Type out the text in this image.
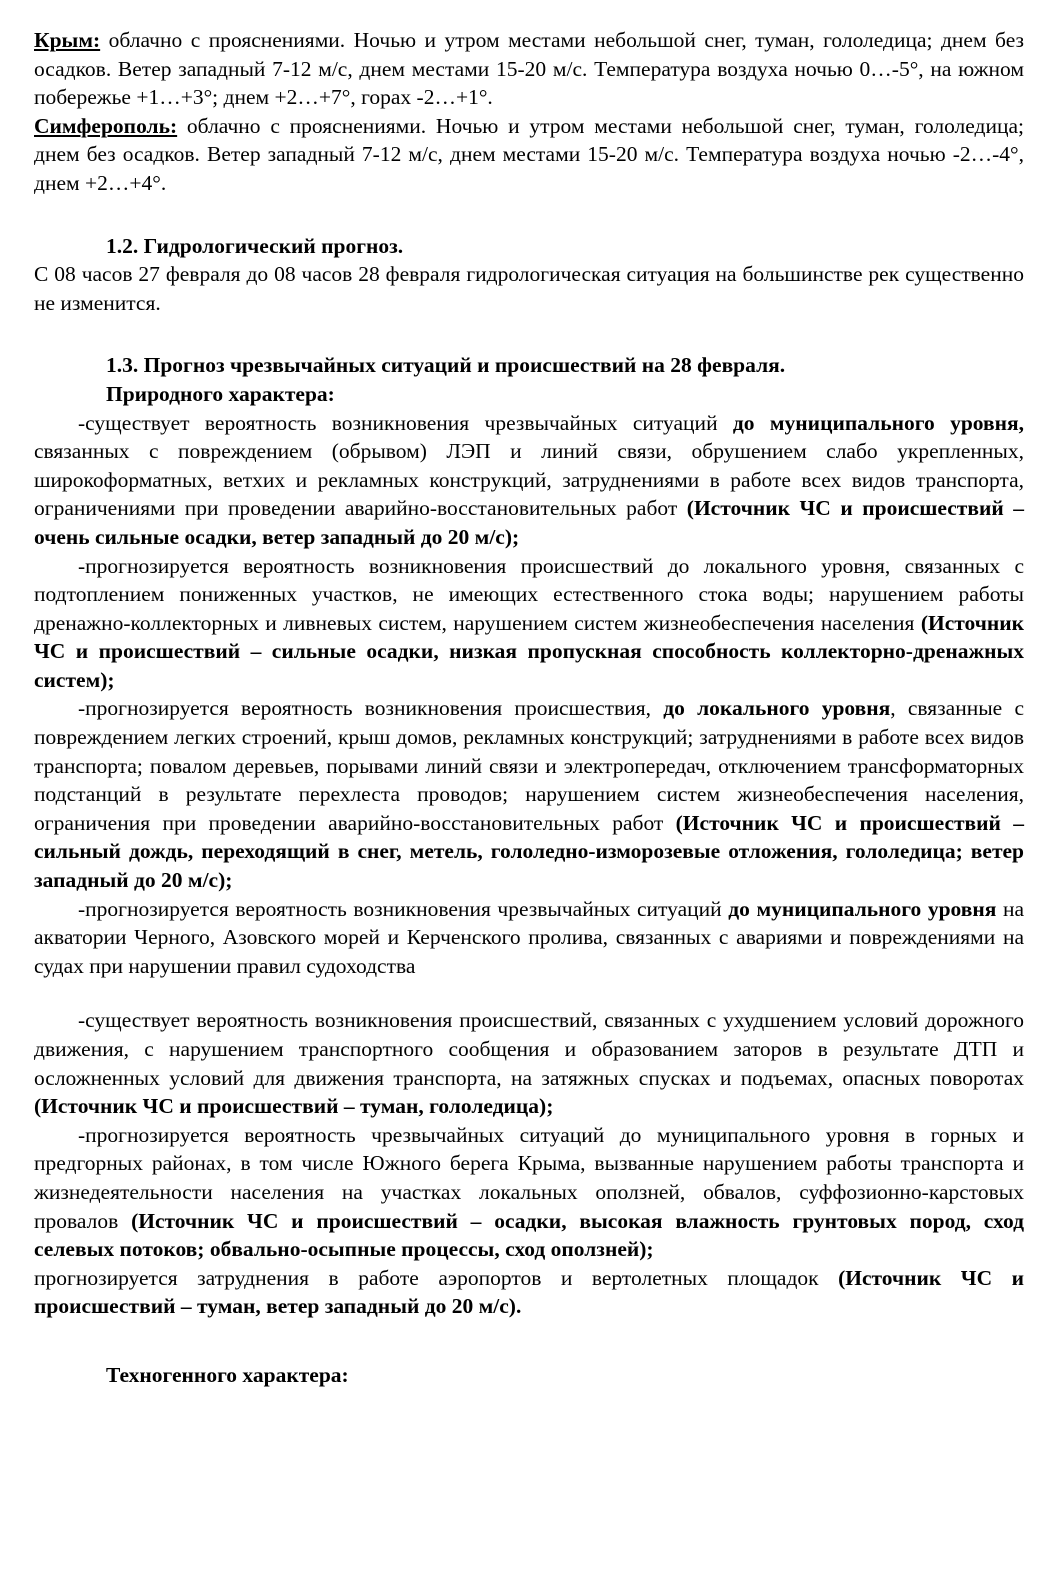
Крым: облачно с прояснениями. Ночью и утром местами небольшой снег, туман, гололедица; днем без осадков. Ветер западный 7-12 м/с, днем местами 15-20 м/с. Температура воздуха ночью 0…-5°, на южном побережье +1…+3°; днем +2…+7°, горах -2…+1°.

Симферополь: облачно с прояснениями. Ночью и утром местами небольшой снег, туман, гололедица; днем без осадков. Ветер западный 7-12 м/с, днем местами 15-20 м/с. Температура воздуха ночью -2…-4°, днем +2…+4°.

1.2. Гидрологический прогноз.

С 08 часов 27 февраля до 08 часов 28 февраля гидрологическая ситуация на большинстве рек существенно не изменится.

1.3. Прогноз чрезвычайных ситуаций и происшествий на 28 февраля.

Природного характера:

-существует вероятность возникновения чрезвычайных ситуаций до муниципального уровня, связанных с повреждением (обрывом) ЛЭП и линий связи, обрушением слабо укрепленных, широкоформатных, ветхих и рекламных конструкций, затруднениями в работе всех видов транспорта, ограничениями при проведении аварийно-восстановительных работ (Источник ЧС и происшествий –очень сильные осадки, ветер западный до 20 м/с);

-прогнозируется вероятность возникновения происшествий до локального уровня, связанных с подтоплением пониженных участков, не имеющих естественного стока воды; нарушением работы дренажно-коллекторных и ливневых систем, нарушением систем жизнеобеспечения населения (Источник ЧС и происшествий – сильные осадки, низкая пропускная способность коллекторно-дренажных систем);

-прогнозируется вероятность возникновения происшествия, до локального уровня, связанные с повреждением легких строений, крыш домов, рекламных конструкций; затруднениями в работе всех видов транспорта; повалом деревьев, порывами линий связи и электропередач, отключением трансформаторных подстанций в результате перехлеста проводов; нарушением систем жизнеобеспечения населения, ограничения при проведении аварийно-восстановительных работ (Источник ЧС и происшествий – сильный дождь, переходящий в снег, метель, гололедно-изморозевые отложения, гололедица; ветер западный до 20 м/с);

-прогнозируется вероятность возникновения чрезвычайных ситуаций до муниципального уровня на акватории Черного, Азовского морей и Керченского пролива, связанных с авариями и повреждениями на судах при нарушении правил судоходства

-существует вероятность возникновения происшествий, связанных с ухудшением условий дорожного движения, с нарушением транспортного сообщения и образованием заторов в результате ДТП и осложненных условий для движения транспорта, на затяжных спусках и подъемах, опасных поворотах (Источник ЧС и происшествий – туман, гололедица);

-прогнозируется вероятность чрезвычайных ситуаций до муниципального уровня в горных и предгорных районах, в том числе Южного берега Крыма, вызванные нарушением работы транспорта и жизнедеятельности населения на участках локальных оползней, обвалов, суффозионно-карстовых провалов (Источник ЧС и происшествий – осадки, высокая влажность грунтовых пород, сход селевых потоков; обвально-осыпные процессы, сход оползней);

прогнозируется затруднения в работе аэропортов и вертолетных площадок (Источник ЧС и происшествий – туман, ветер западный до 20 м/с).

Техногенного характера:
